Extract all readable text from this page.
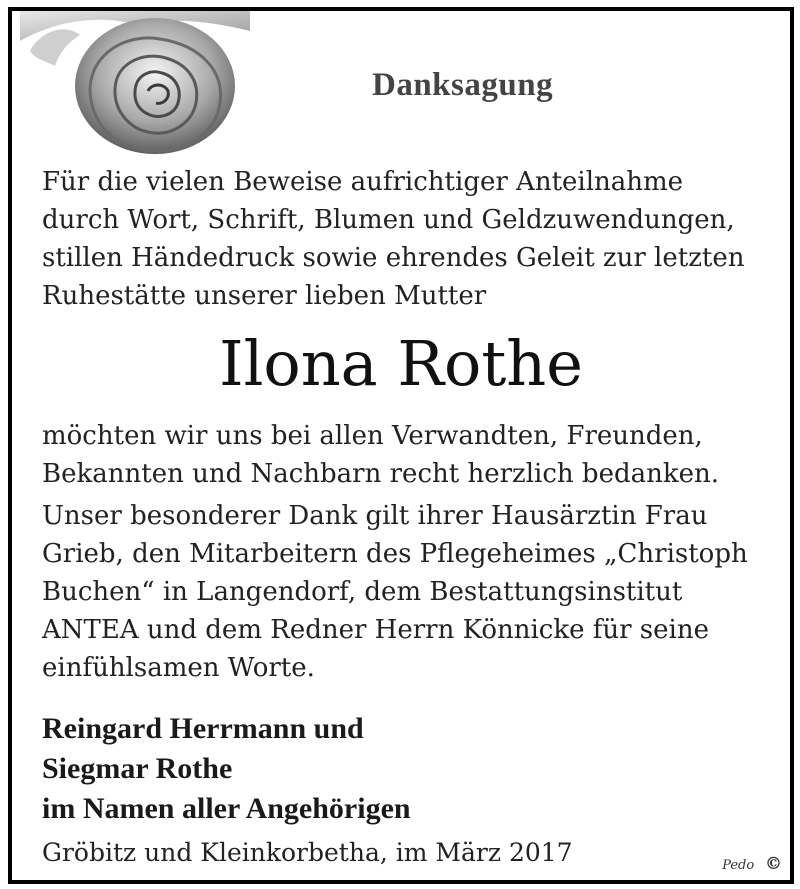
Danksagung
Für die vielen Beweise aufrichtiger Anteilnahme durch Wort, Schrift, Blumen und Geldzuwendungen, stillen Händedruck sowie ehrendes Geleit zur letzten Ruhestätte unserer lieben Mutter
Ilona Rothe
möchten wir uns bei allen Verwandten, Freunden, Bekannten und Nachbarn recht herzlich bedanken.
Unser besonderer Dank gilt ihrer Hausärztin Frau Grieb, den Mitarbeitern des Pflegeheimes „Christoph Buchen“ in Langendorf, dem Bestattungsinstitut ANTEA und dem Redner Herrn Könnicke für seine einfühlsamen Worte.
Reingard Herrmann und
Siegmar Rothe
im Namen aller Angehörigen
Gröbitz und Kleinkorbetha, im März 2017	Pedo ©
